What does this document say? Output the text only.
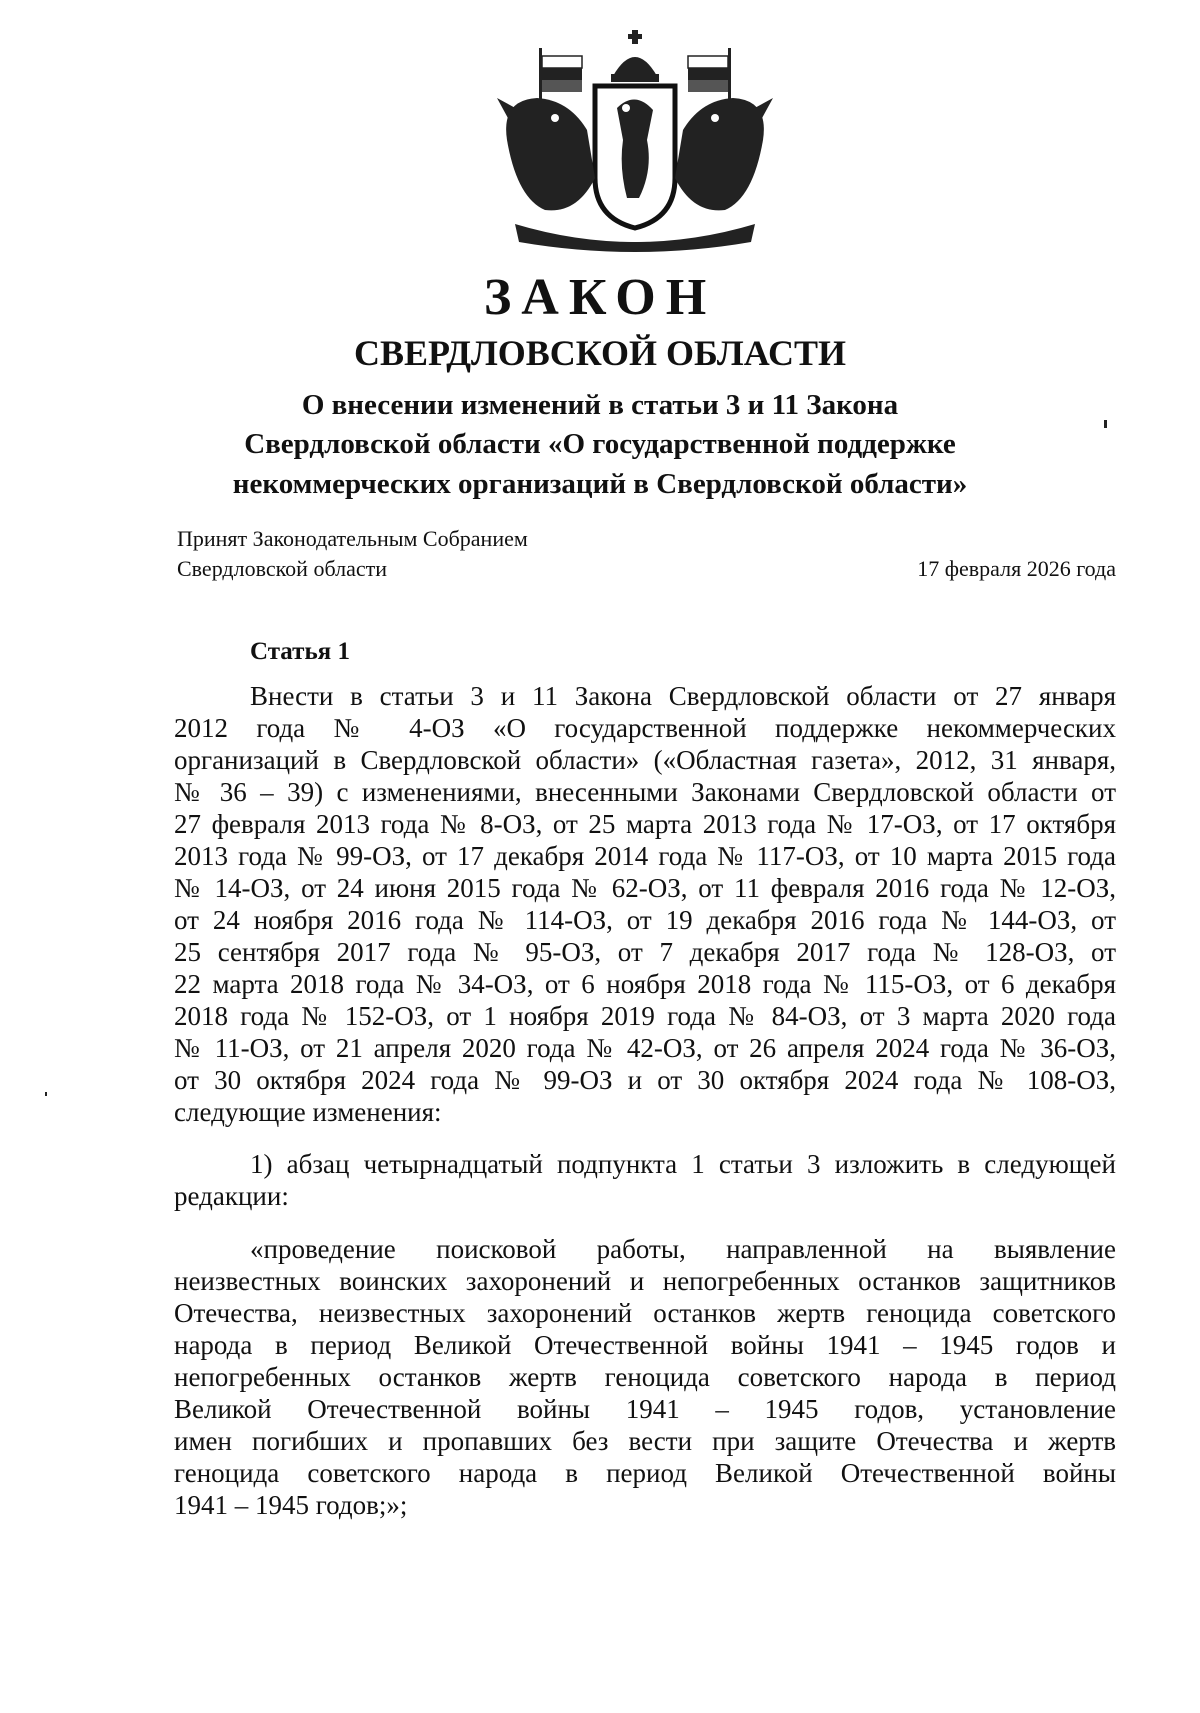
ЗАКОН
СВЕРДЛОВСКОЙ ОБЛАСТИ
О внесении изменений в статьи 3 и 11 Закона
Свердловской области «О государственной поддержке
некоммерческих организаций в Свердловской области»
Принят Законодательным Собранием
Свердловской области	17 февраля 2026 года
Статья 1
Внести в статьи 3 и 11 Закона Свердловской области от 27 января
2012 года № 4-ОЗ «О государственной поддержке некоммерческих
организаций в Свердловской области» («Областная газета», 2012, 31 января,
№ 36 – 39) с изменениями, внесенными Законами Свердловской области от
27 февраля 2013 года № 8-ОЗ, от 25 марта 2013 года № 17-ОЗ, от 17 октября
2013 года № 99-ОЗ, от 17 декабря 2014 года № 117-ОЗ, от 10 марта 2015 года
№ 14-ОЗ, от 24 июня 2015 года № 62-ОЗ, от 11 февраля 2016 года № 12-ОЗ,
от 24 ноября 2016 года № 114-ОЗ, от 19 декабря 2016 года № 144-ОЗ, от
25 сентября 2017 года № 95-ОЗ, от 7 декабря 2017 года № 128-ОЗ, от
22 марта 2018 года № 34-ОЗ, от 6 ноября 2018 года № 115-ОЗ, от 6 декабря
2018 года № 152-ОЗ, от 1 ноября 2019 года № 84-ОЗ, от 3 марта 2020 года
№ 11-ОЗ, от 21 апреля 2020 года № 42-ОЗ, от 26 апреля 2024 года № 36-ОЗ,
от 30 октября 2024 года № 99-ОЗ и от 30 октября 2024 года № 108-ОЗ,
следующие изменения:
1) абзац четырнадцатый подпункта 1 статьи 3 изложить в следующей
редакции:
«проведение поисковой работы, направленной на выявление
неизвестных воинских захоронений и непогребенных останков защитников
Отечества, неизвестных захоронений останков жертв геноцида советского
народа в период Великой Отечественной войны 1941 – 1945 годов и
непогребенных останков жертв геноцида советского народа в период
Великой Отечественной войны 1941 – 1945 годов, установление
имен погибших и пропавших без вести при защите Отечества и жертв
геноцида советского народа в период Великой Отечественной войны
1941 – 1945 годов;»;
